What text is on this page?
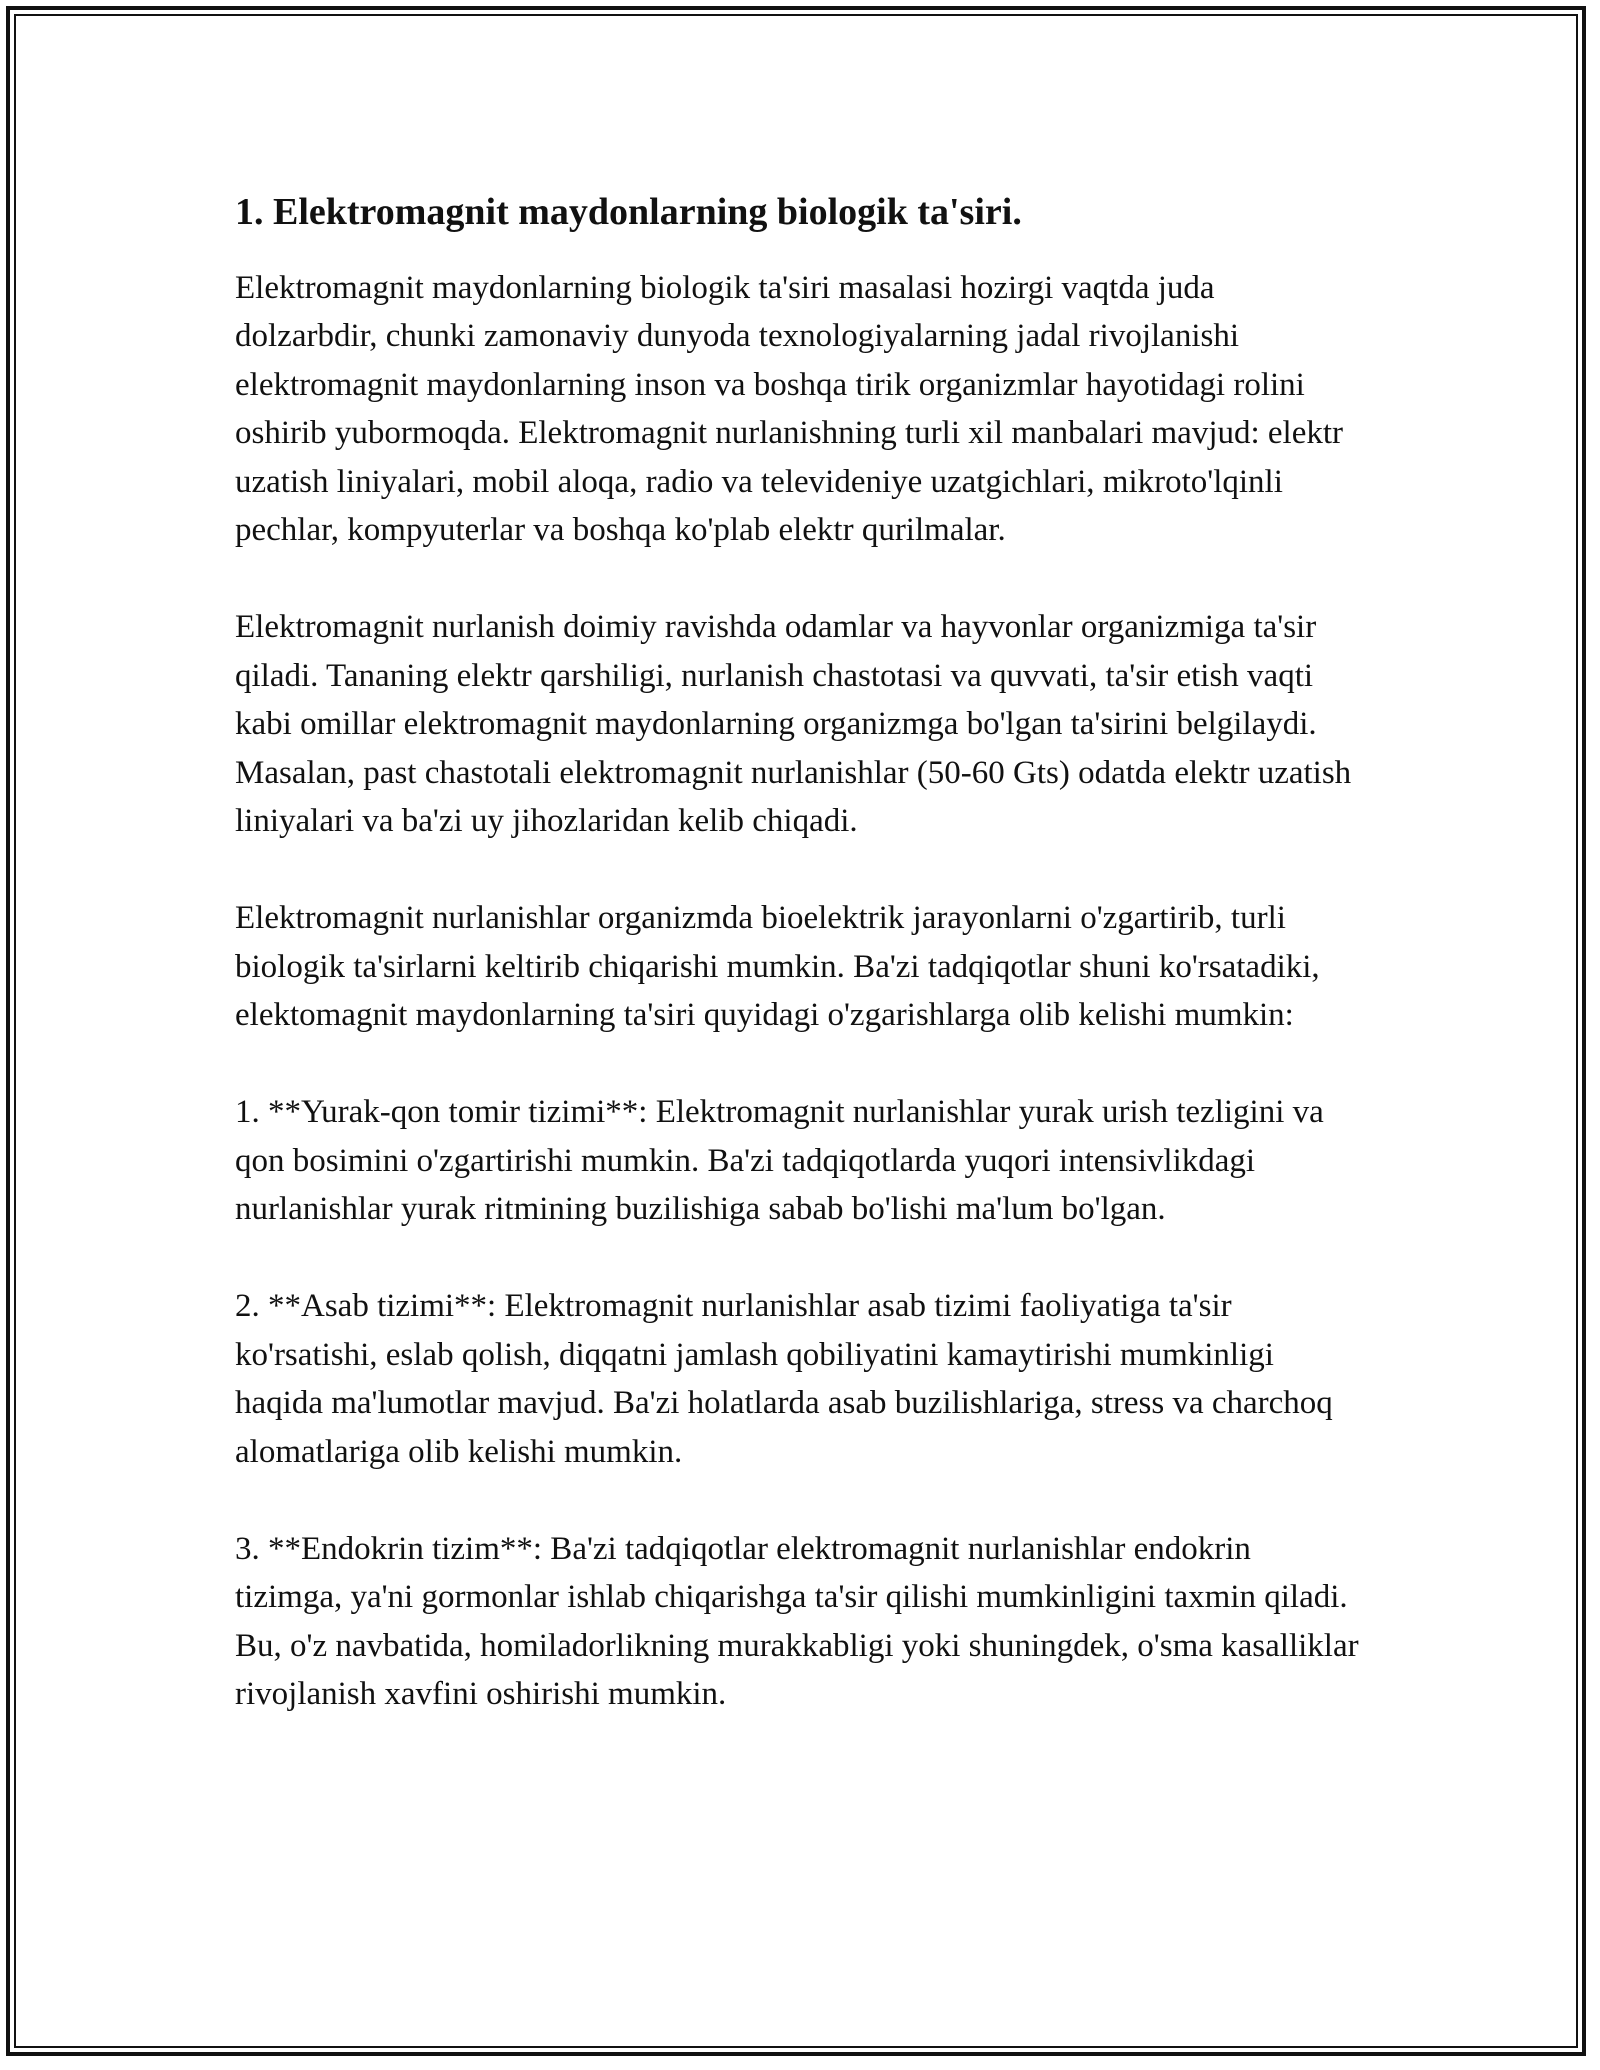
1. Elektromagnit maydonlarning biologik ta'siri.

Elektromagnit maydonlarning biologik ta'siri masalasi hozirgi vaqtda juda dolzarbdir, chunki zamonaviy dunyoda texnologiyalarning jadal rivojlanishi elektromagnit maydonlarning inson va boshqa tirik organizmlar hayotidagi rolini oshirib yubormoqda. Elektromagnit nurlanishning turli xil manbalari mavjud: elektr uzatish liniyalari, mobil aloqa, radio va televideniye uzatgichlari, mikroto'lqinli pechlar, kompyuterlar va boshqa ko'plab elektr qurilmalar.

Elektromagnit nurlanish doimiy ravishda odamlar va hayvonlar organizmiga ta'sir qiladi. Tananing elektr qarshiligi, nurlanish chastotasi va quvvati, ta'sir etish vaqti kabi omillar elektromagnit maydonlarning organizmga bo'lgan ta'sirini belgilaydi. Masalan, past chastotali elektromagnit nurlanishlar (50-60 Gts) odatda elektr uzatish liniyalari va ba'zi uy jihozlaridan kelib chiqadi.

Elektromagnit nurlanishlar organizmda bioelektrik jarayonlarni o'zgartirib, turli biologik ta'sirlarni keltirib chiqarishi mumkin. Ba'zi tadqiqotlar shuni ko'rsatadiki, elektomagnit maydonlarning ta'siri quyidagi o'zgarishlarga olib kelishi mumkin:

1. **Yurak-qon tomir tizimi**: Elektromagnit nurlanishlar yurak urish tezligini va qon bosimini o'zgartirishi mumkin. Ba'zi tadqiqotlarda yuqori intensivlikdagi nurlanishlar yurak ritmining buzilishiga sabab bo'lishi ma'lum bo'lgan.

2. **Asab tizimi**: Elektromagnit nurlanishlar asab tizimi faoliyatiga ta'sir ko'rsatishi, eslab qolish, diqqatni jamlash qobiliyatini kamaytirishi mumkinligi haqida ma'lumotlar mavjud. Ba'zi holatlarda asab buzilishlariga, stress va charchoq alomatlariga olib kelishi mumkin.

3. **Endokrin tizim**: Ba'zi tadqiqotlar elektromagnit nurlanishlar endokrin tizimga, ya'ni gormonlar ishlab chiqarishga ta'sir qilishi mumkinligini taxmin qiladi. Bu, o'z navbatida, homiladorlikning murakkabligi yoki shuningdek, o'sma kasalliklar rivojlanish xavfini oshirishi mumkin.
